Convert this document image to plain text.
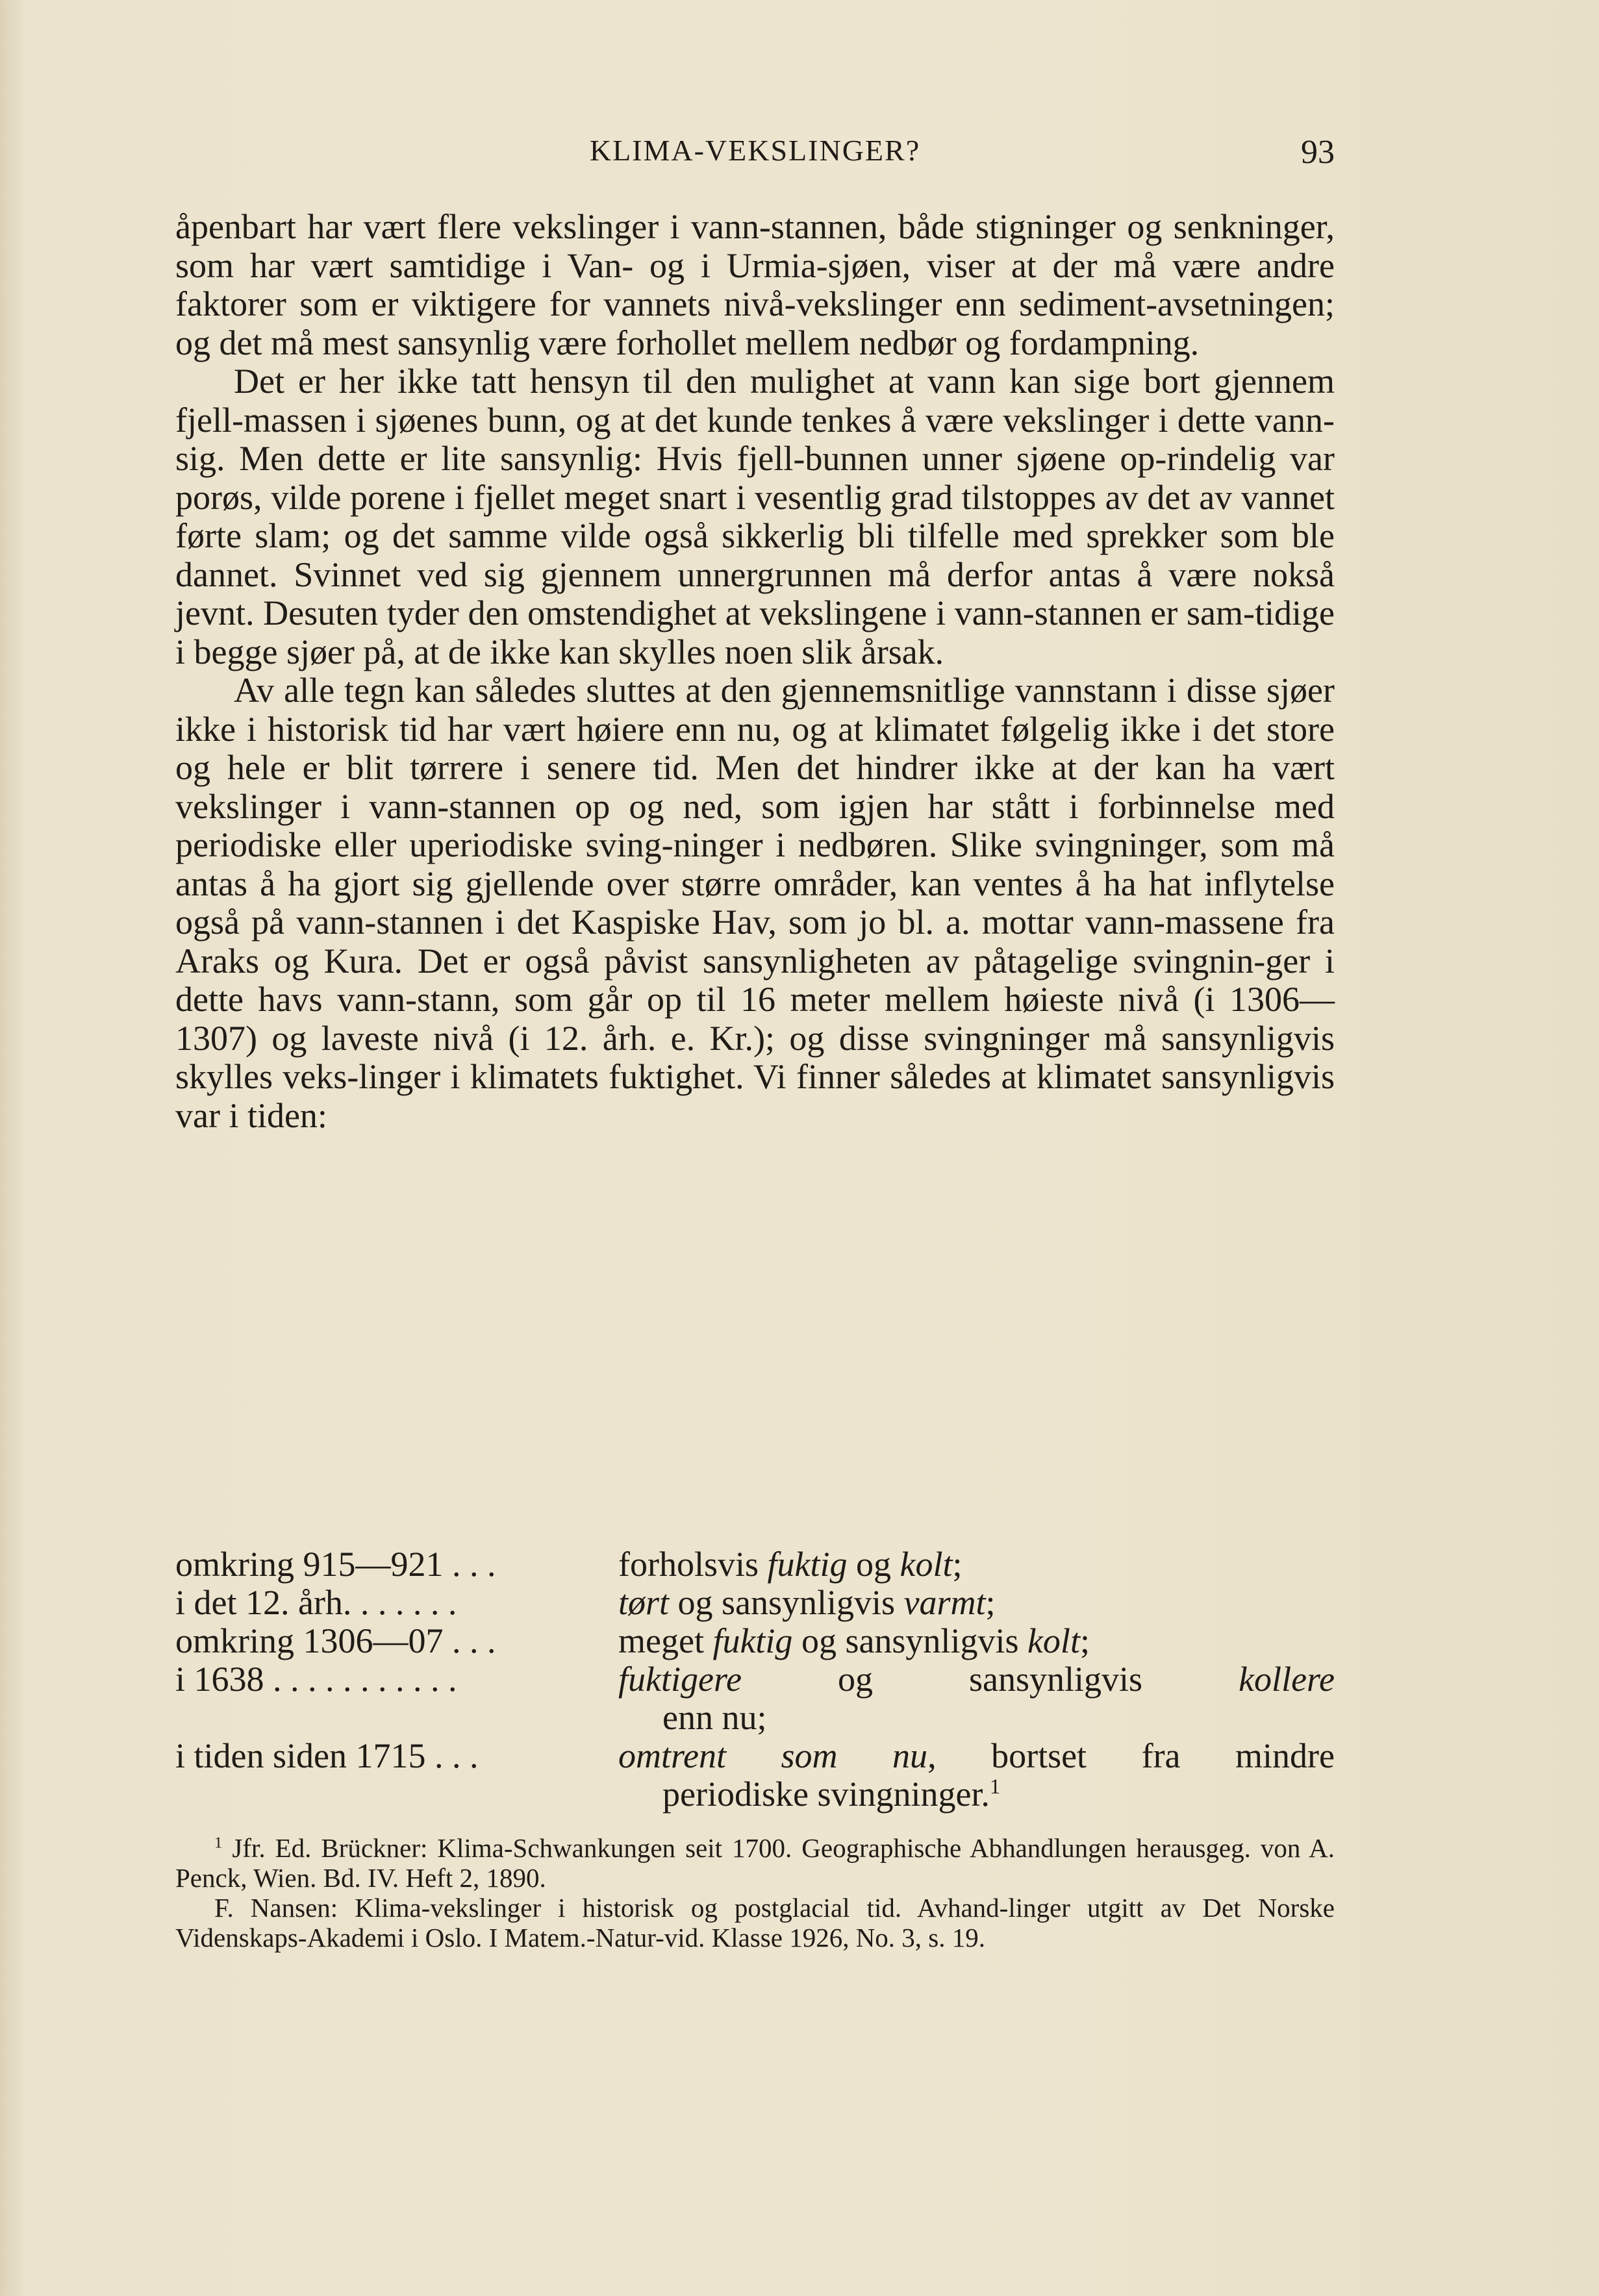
KLIMA-VEKSLINGER?	93

åpenbart har vært flere vekslinger i vann-stannen, både stigninger og senkninger, som har vært samtidige i Van- og i Urmia-sjøen, viser at der må være andre faktorer som er viktigere for vannets nivå-vekslinger enn sediment-avsetningen; og det må mest sansynlig være forhollet mellem nedbør og fordampning.

Det er her ikke tatt hensyn til den mulighet at vann kan sige bort gjennem fjell-massen i sjøenes bunn, og at det kunde tenkes å være vekslinger i dette vann-sig. Men dette er lite sansynlig: Hvis fjell-bunnen unner sjøene op-rindelig var porøs, vilde porene i fjellet meget snart i vesentlig grad tilstoppes av det av vannet førte slam; og det samme vilde også sikkerlig bli tilfelle med sprekker som ble dannet. Svinnet ved sig gjennem unnergrunnen må derfor antas å være nokså jevnt. Desuten tyder den omstendighet at vekslingene i vann-stannen er sam-tidige i begge sjøer på, at de ikke kan skylles noen slik årsak.

Av alle tegn kan således sluttes at den gjennemsnitlige vannstann i disse sjøer ikke i historisk tid har vært høiere enn nu, og at klimatet følgelig ikke i det store og hele er blit tørrere i senere tid. Men det hindrer ikke at der kan ha vært vekslinger i vann-stannen op og ned, som igjen har stått i forbinnelse med periodiske eller uperiodiske sving-ninger i nedbøren. Slike svingninger, som må antas å ha gjort sig gjellende over større områder, kan ventes å ha hat inflytelse også på vann-stannen i det Kaspiske Hav, som jo bl. a. mottar vann-massene fra Araks og Kura. Det er også påvist sansynligheten av påtagelige svingnin-ger i dette havs vann-stann, som går op til 16 meter mellem høieste nivå (i 1306—1307) og laveste nivå (i 12. årh. e. Kr.); og disse svingninger må sansynligvis skylles veks-linger i klimatets fuktighet. Vi finner således at klimatet sansynligvis var i tiden:

omkring 915—921 . . .	forholsvis fuktig og kolt;
i det 12. årh. . . . . . .	tørt og sansynligvis varmt;
omkring 1306—07 . . .	meget fuktig og sansynligvis kolt;
i 1638 . . . . . . . . . . .	fuktigere	og sansynligvis	kollere
enn nu;
i tiden siden 1715 . . .	omtrent som nu, bortset fra mindre
periodiske svingninger.$^1$

$^1$ Jfr. Ed. Brückner: Klima-Schwankungen seit 1700. Geographische Abhandlungen herausgeg. von A. Penck, Wien. Bd. IV. Heft 2, 1890.

F. Nansen: Klima-vekslinger i historisk og postglacial tid. Avhand-linger utgitt av Det Norske Videnskaps-Akademi i Oslo. I Matem.-Natur-vid. Klasse 1926, No. 3, s. 19.
